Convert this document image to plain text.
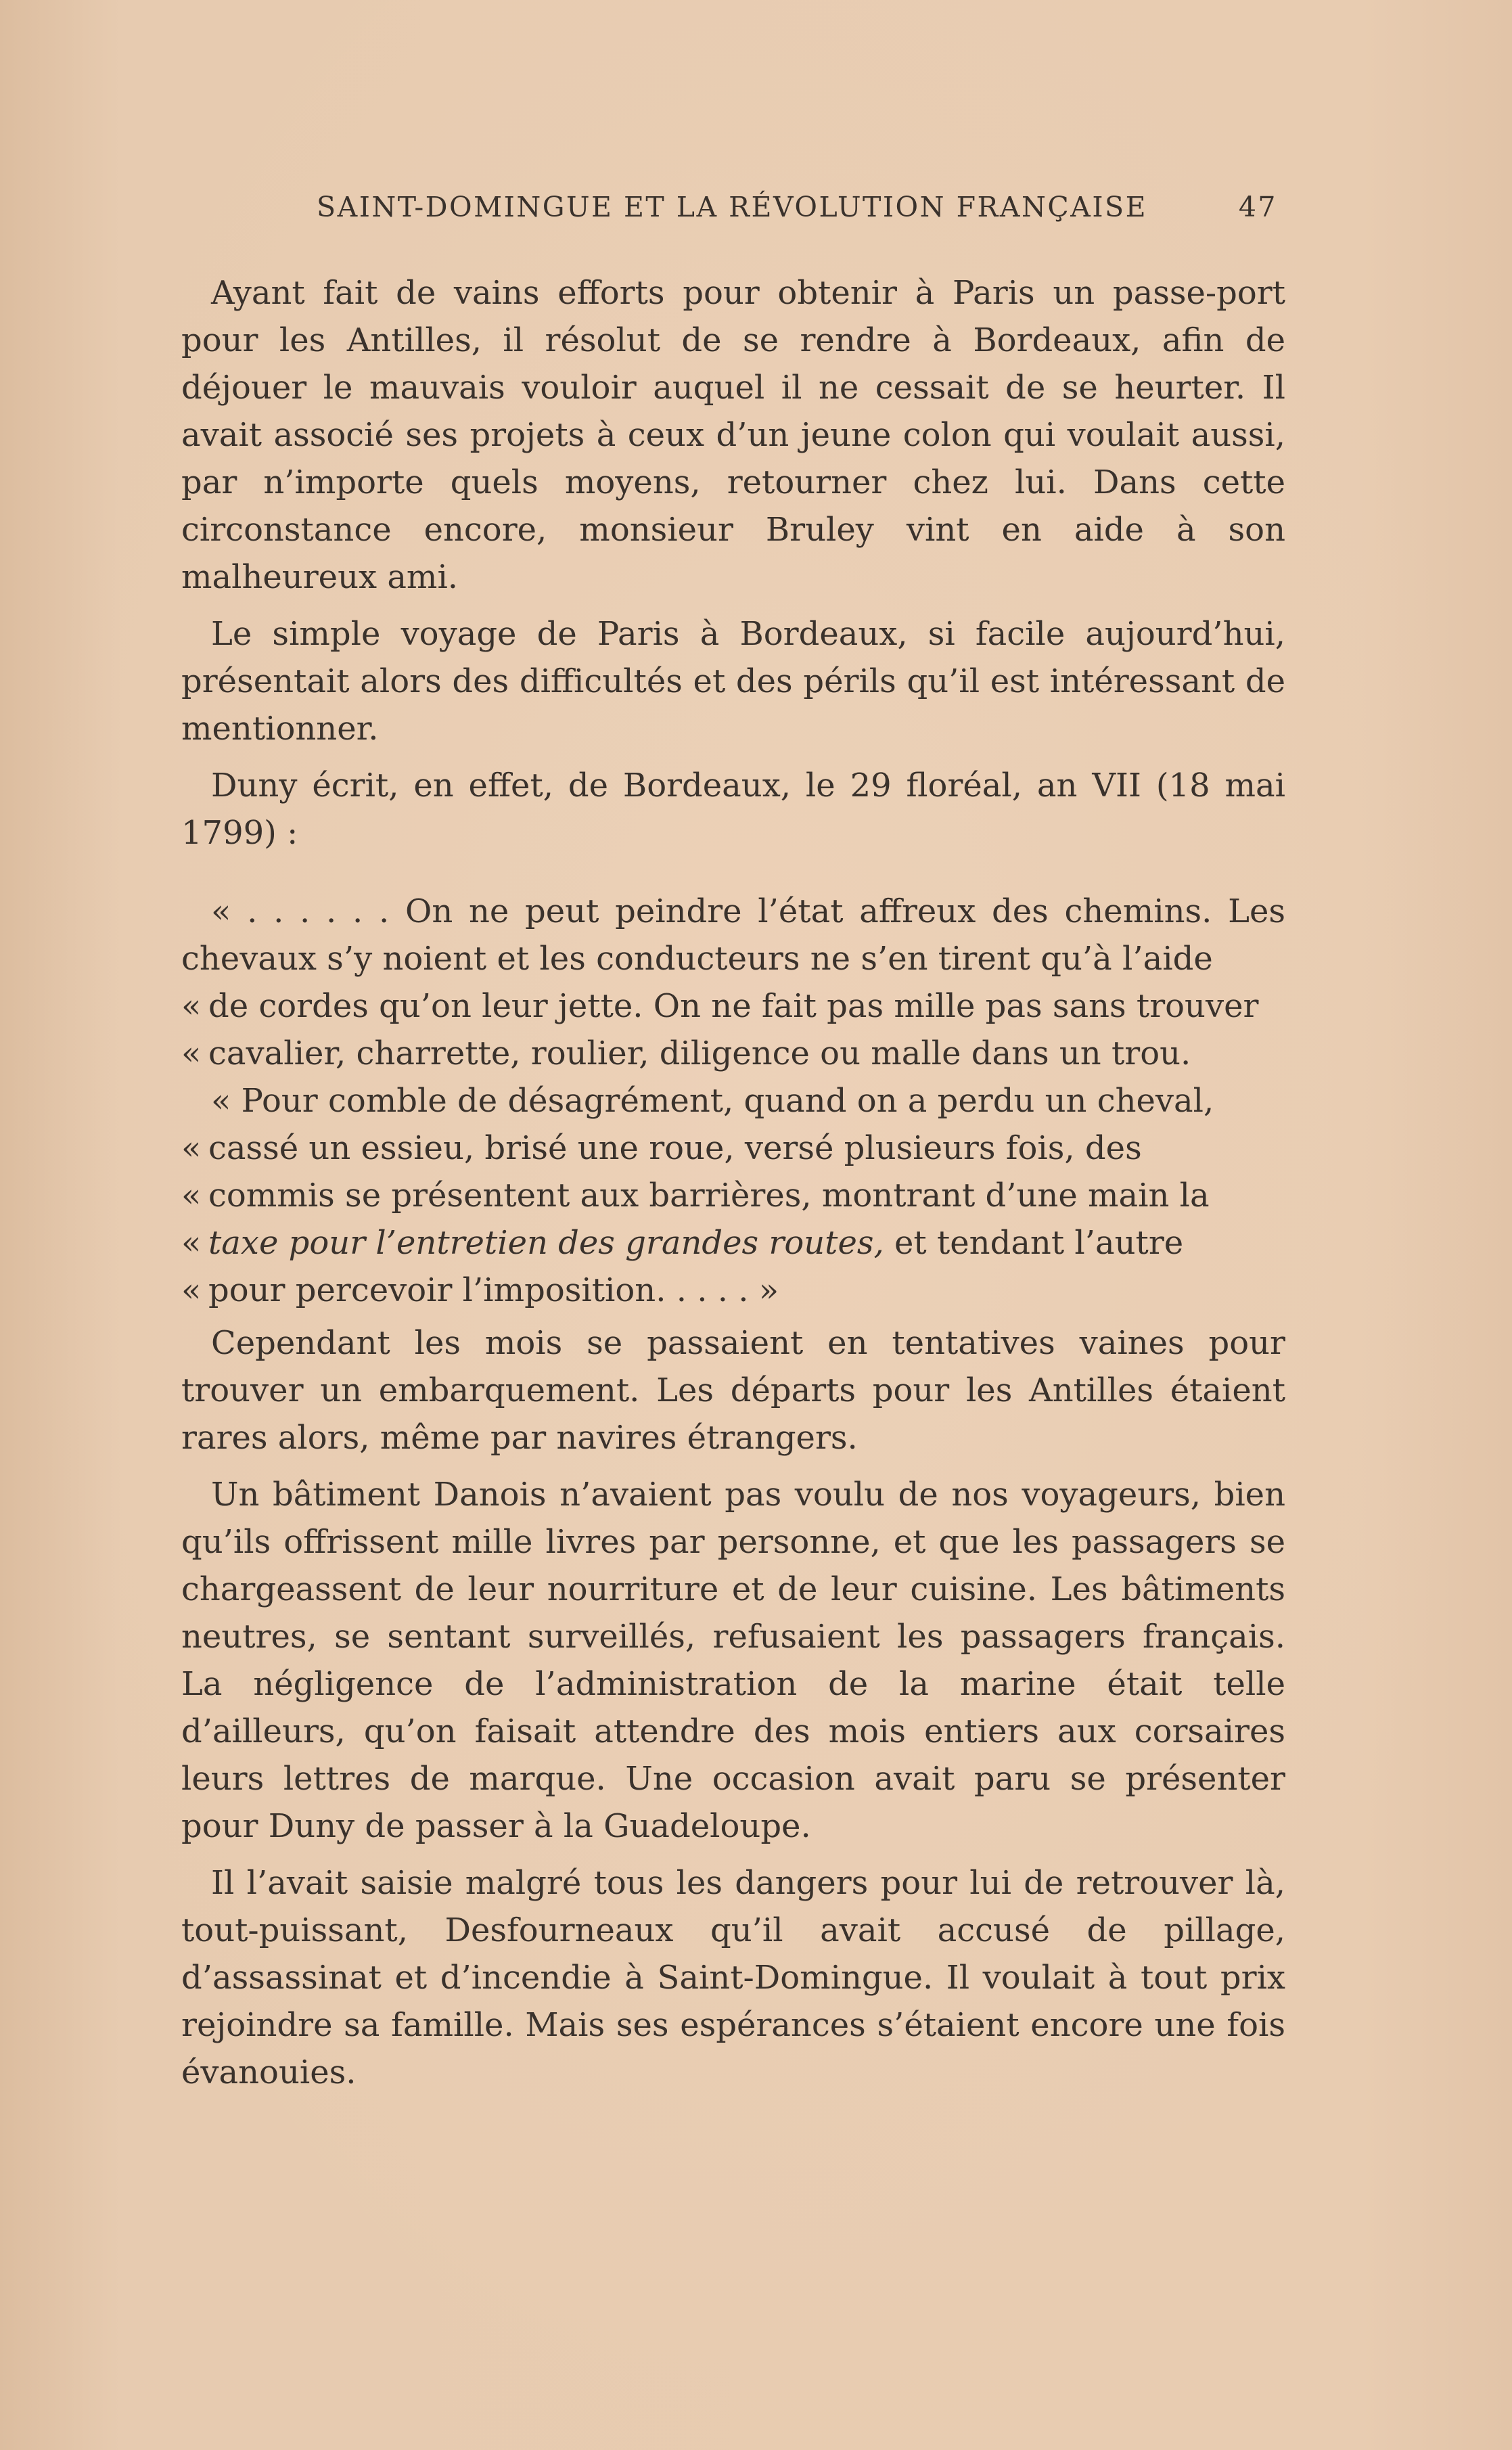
SAINT-DOMINGUE ET LA RÉVOLUTION FRANÇAISE	47

Ayant fait de vains efforts pour obtenir à Paris un passe-port pour les Antilles, il résolut de se rendre à Bordeaux, afin de déjouer le mauvais vouloir auquel il ne cessait de se heurter. Il avait associé ses projets à ceux d’un jeune colon qui voulait aussi, par n’importe quels moyens, retourner chez lui. Dans cette circonstance encore, monsieur Bruley vint en aide à son malheureux ami.

Le simple voyage de Paris à Bordeaux, si facile aujourd’hui, présentait alors des difficultés et des périls qu’il est intéressant de mentionner.

Duny écrit, en effet, de Bordeaux, le 29 floréal, an VII (18 mai 1799) :

« . . . . . . On ne peut peindre l’état affreux des chemins. Les chevaux s’y noient et les conducteurs ne s’en tirent qu’à l’aide

« de cordes qu’on leur jette. On ne fait pas mille pas sans trouver

« cavalier, charrette, roulier, diligence ou malle dans un trou.

« Pour comble de désagrément, quand on a perdu un cheval,

« cassé un essieu, brisé une roue, versé plusieurs fois, des

« commis se présentent aux barrières, montrant d’une main la

« taxe pour l’entretien des grandes routes, et tendant l’autre

« pour percevoir l’imposition. . . . . »

Cependant les mois se passaient en tentatives vaines pour trouver un embarquement. Les départs pour les Antilles étaient rares alors, même par navires étrangers.

Un bâtiment Danois n’avaient pas voulu de nos voyageurs, bien qu’ils offrissent mille livres par personne, et que les passagers se chargeassent de leur nourriture et de leur cuisine. Les bâtiments neutres, se sentant surveillés, refusaient les passagers français. La négligence de l’administration de la marine était telle d’ailleurs, qu’on faisait attendre des mois entiers aux corsaires leurs lettres de marque. Une occasion avait paru se présenter pour Duny de passer à la Guadeloupe.

Il l’avait saisie malgré tous les dangers pour lui de retrouver là, tout-puissant, Desfourneaux qu’il avait accusé de pillage, d’assassinat et d’incendie à Saint-Domingue. Il voulait à tout prix rejoindre sa famille. Mais ses espérances s’étaient encore une fois évanouies.
